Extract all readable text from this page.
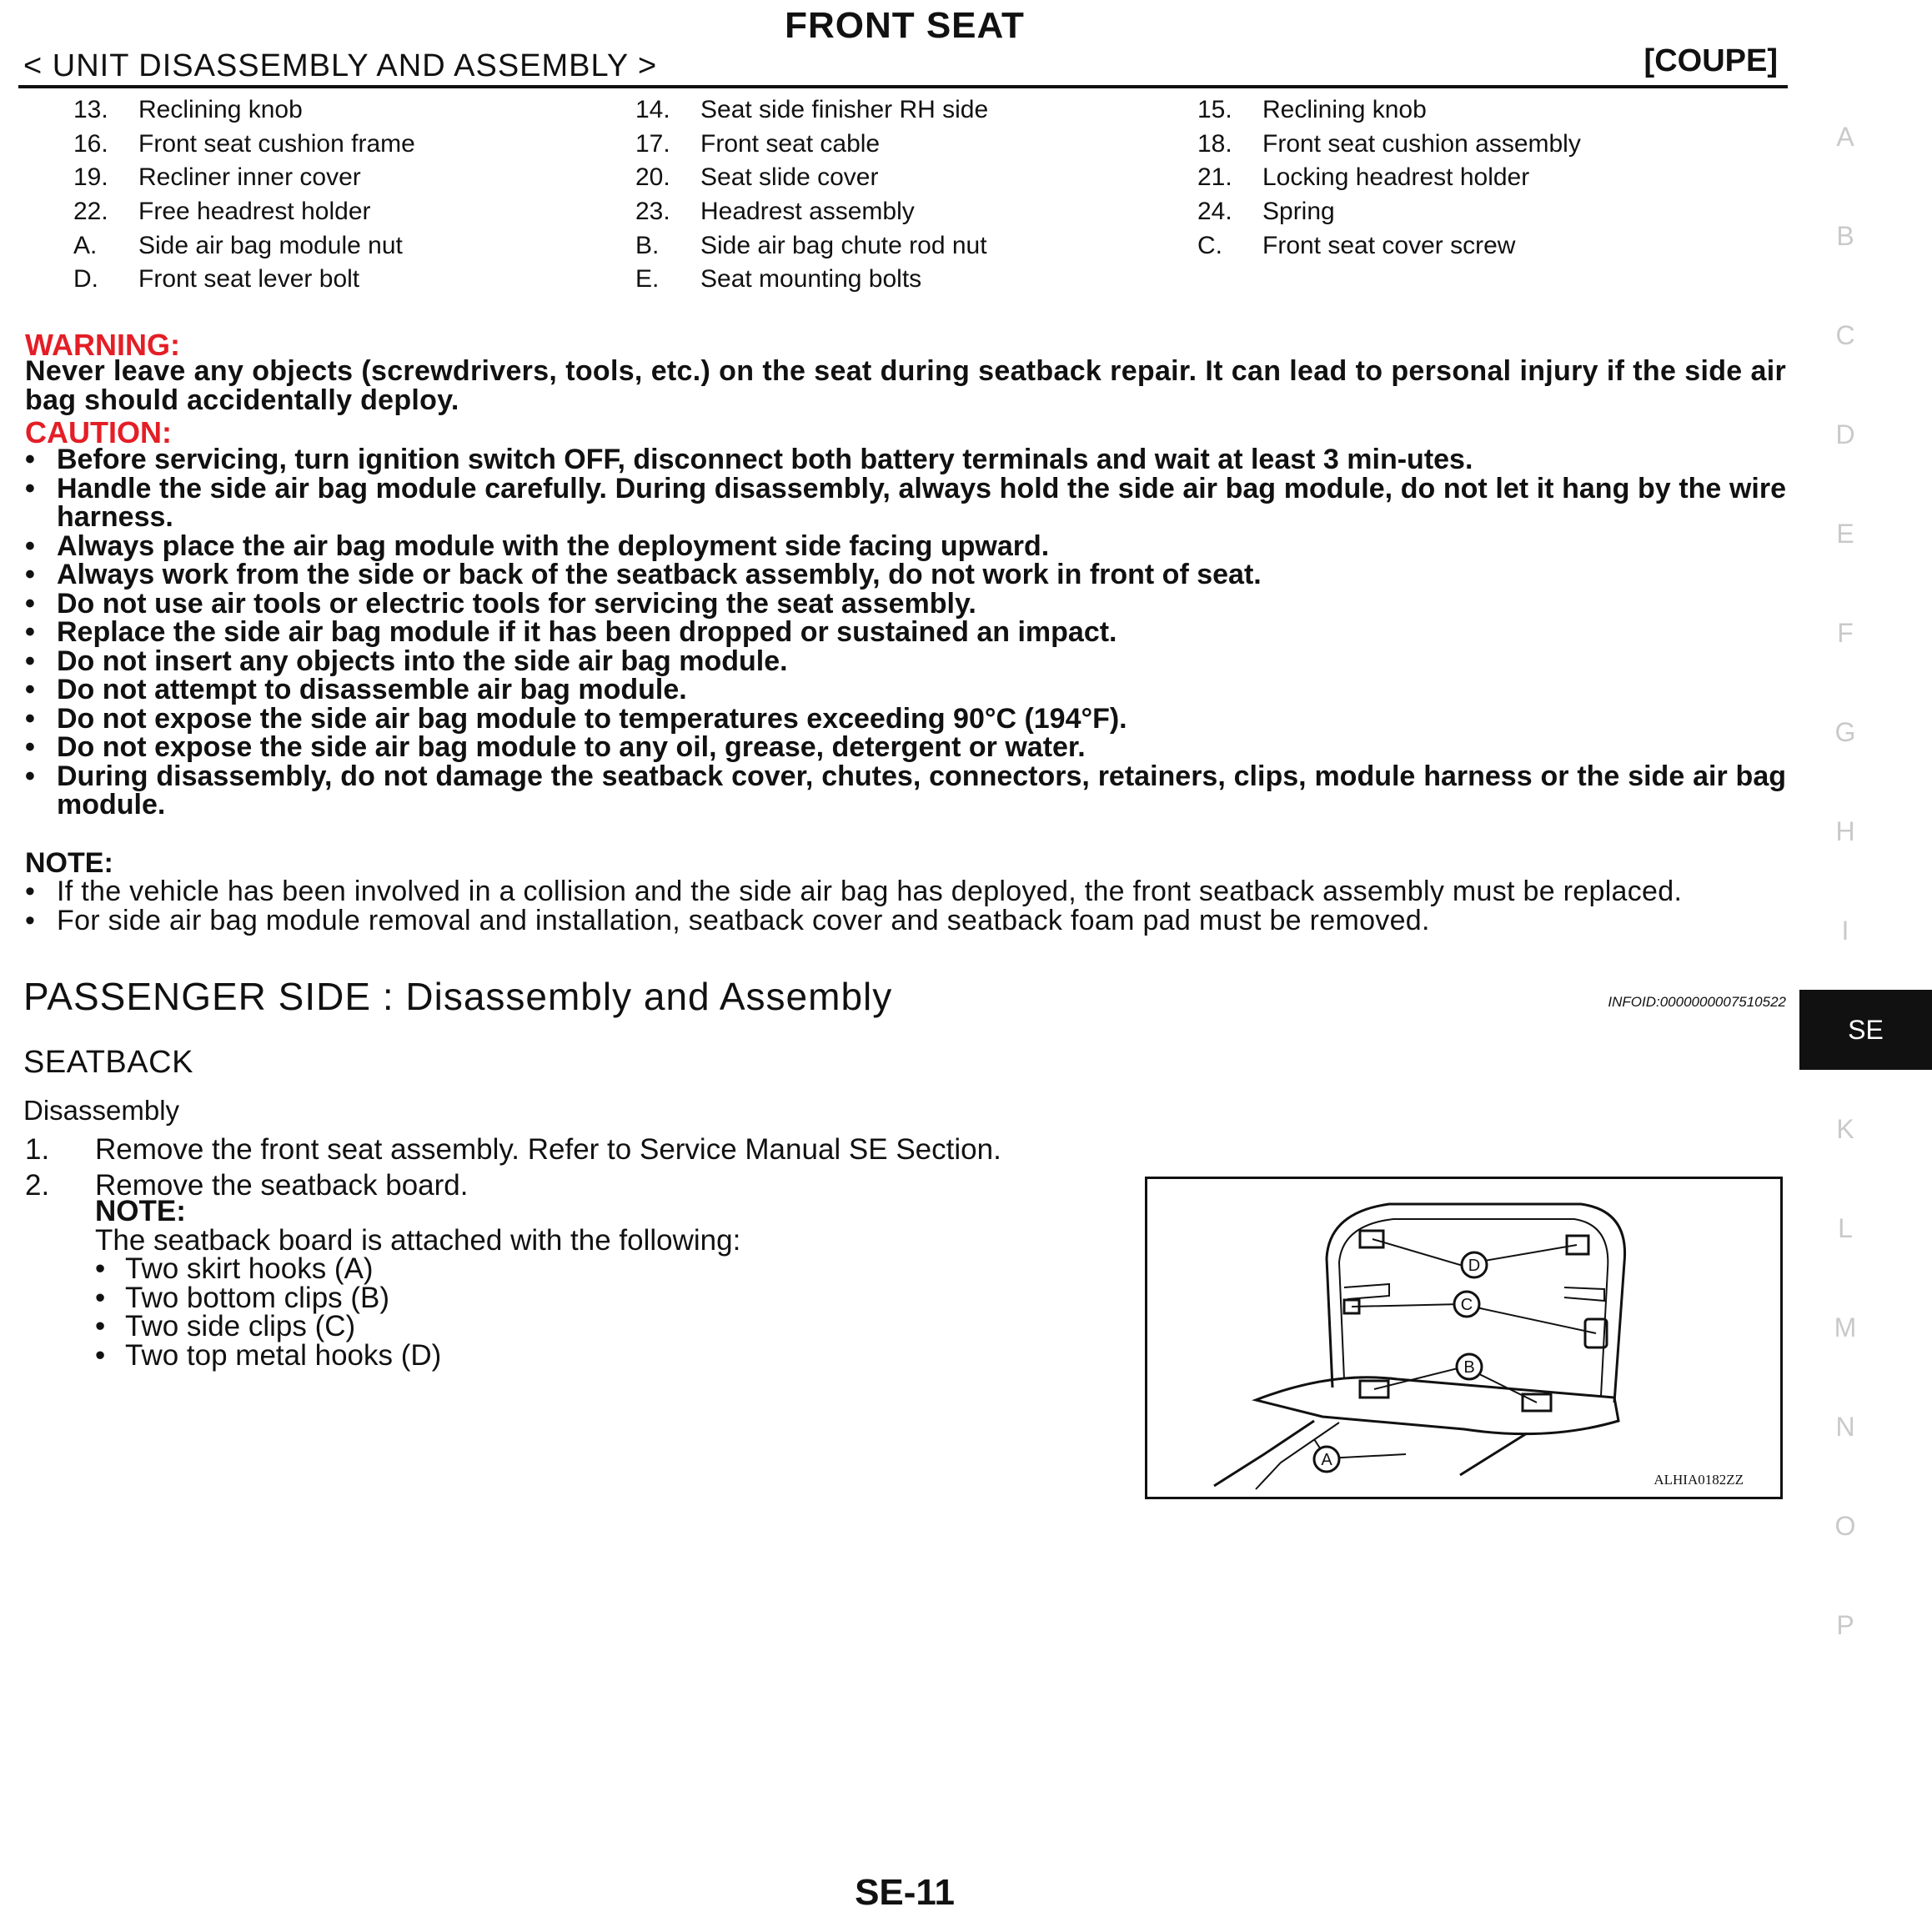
FRONT SEAT
< UNIT DISASSEMBLY AND ASSEMBLY >	[COUPE]
13.	Reclining knob	14.	Seat side finisher RH side	15.	Reclining knob
16.	Front seat cushion frame	17.	Front seat cable	18.	Front seat cushion assembly
19.	Recliner inner cover	20.	Seat slide cover	21.	Locking headrest holder
22.	Free headrest holder	23.	Headrest assembly	24.	Spring
A.	Side air bag module nut	B.	Side air bag chute rod nut	C.	Front seat cover screw
D.	Front seat lever bolt	E.	Seat mounting bolts
WARNING:
Never leave any objects (screwdrivers, tools, etc.) on the seat during seatback repair. It can lead to personal injury if the side air bag should accidentally deploy.
CAUTION:
• Before servicing, turn ignition switch OFF, disconnect both battery terminals and wait at least 3 min-utes.
• Handle the side air bag module carefully. During disassembly, always hold the side air bag module, do not let it hang by the wire harness.
• Always place the air bag module with the deployment side facing upward.
• Always work from the side or back of the seatback assembly, do not work in front of seat.
• Do not use air tools or electric tools for servicing the seat assembly.
• Replace the side air bag module if it has been dropped or sustained an impact.
• Do not insert any objects into the side air bag module.
• Do not attempt to disassemble air bag module.
• Do not expose the side air bag module to temperatures exceeding 90°C (194°F).
• Do not expose the side air bag module to any oil, grease, detergent or water.
• During disassembly, do not damage the seatback cover, chutes, connectors, retainers, clips, module harness or the side air bag module.
NOTE:
• If the vehicle has been involved in a collision and the side air bag has deployed, the front seatback assembly must be replaced.
• For side air bag module removal and installation, seatback cover and seatback foam pad must be removed.
PASSENGER SIDE : Disassembly and Assembly	INFOID:0000000007510522
SEATBACK
Disassembly
1.	Remove the front seat assembly. Refer to Service Manual SE Section.
2.	Remove the seatback board.
NOTE:
The seatback board is attached with the following:
• Two skirt hooks (A)
• Two bottom clips (B)
• Two side clips (C)
• Two top metal hooks (D)
D
C
B
A
ALHIA0182ZZ
A
B
C
D
E
F
G
H
I
SE
K
L
M
N
O
P
SE-11
